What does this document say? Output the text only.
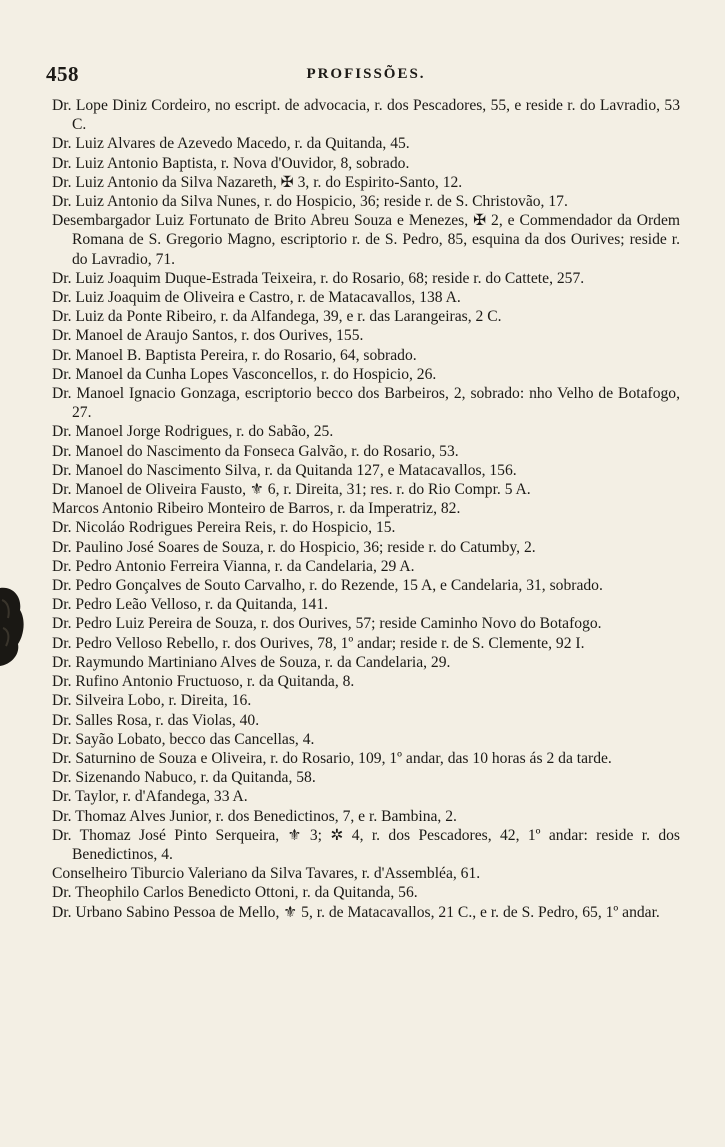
458	PROFISSÕES.
Dr. Lope Diniz Cordeiro, no escript. de advocacia, r. dos Pescadores, 55, e reside r. do Lavradio, 53 C.
Dr. Luiz Alvares de Azevedo Macedo, r. da Quitanda, 45.
Dr. Luiz Antonio Baptista, r. Nova d'Ouvidor, 8, sobrado.
Dr. Luiz Antonio da Silva Nazareth, ✠ 3, r. do Espirito-Santo, 12.
Dr. Luiz Antonio da Silva Nunes, r. do Hospicio, 36; reside r. de S. Christovão, 17.
Desembargador Luiz Fortunato de Brito Abreu Souza e Menezes, ✠ 2, e Commendador da Ordem Romana de S. Gregorio Magno, escriptorio r. de S. Pedro, 85, esquina da dos Ourives; reside r. do Lavradio, 71.
Dr. Luiz Joaquim Duque-Estrada Teixeira, r. do Rosario, 68; reside r. do Cattete, 257.
Dr. Luiz Joaquim de Oliveira e Castro, r. de Matacavallos, 138 A.
Dr. Luiz da Ponte Ribeiro, r. da Alfandega, 39, e r. das Larangeiras, 2 C.
Dr. Manoel de Araujo Santos, r. dos Ourives, 155.
Dr. Manoel B. Baptista Pereira, r. do Rosario, 64, sobrado.
Dr. Manoel da Cunha Lopes Vasconcellos, r. do Hospicio, 26.
Dr. Manoel Ignacio Gonzaga, escriptorio becco dos Barbeiros, 2, sobrado: nho Velho de Botafogo, 27.
Dr. Manoel Jorge Rodrigues, r. do Sabão, 25.
Dr. Manoel do Nascimento da Fonseca Galvão, r. do Rosario, 53.
Dr. Manoel do Nascimento Silva, r. da Quitanda 127, e Matacavallos, 156.
Dr. Manoel de Oliveira Fausto, ⚜ 6, r. Direita, 31; res. r. do Rio Compr. 5 A.
Marcos Antonio Ribeiro Monteiro de Barros, r. da Imperatriz, 82.
Dr. Nicoláo Rodrigues Pereira Reis, r. do Hospicio, 15.
Dr. Paulino José Soares de Souza, r. do Hospicio, 36; reside r. do Catumby, 2.
Dr. Pedro Antonio Ferreira Vianna, r. da Candelaria, 29 A.
Dr. Pedro Gonçalves de Souto Carvalho, r. do Rezende, 15 A, e Candelaria, 31, sobrado.
Dr. Pedro Leão Velloso, r. da Quitanda, 141.
Dr. Pedro Luiz Pereira de Souza, r. dos Ourives, 57; reside Caminho Novo do Botafogo.
Dr. Pedro Velloso Rebello, r. dos Ourives, 78, 1º andar; reside r. de S. Clemente, 92 I.
Dr. Raymundo Martiniano Alves de Souza, r. da Candelaria, 29.
Dr. Rufino Antonio Fructuoso, r. da Quitanda, 8.
Dr. Silveira Lobo, r. Direita, 16.
Dr. Salles Rosa, r. das Violas, 40.
Dr. Sayão Lobato, becco das Cancellas, 4.
Dr. Saturnino de Souza e Oliveira, r. do Rosario, 109, 1º andar, das 10 horas ás 2 da tarde.
Dr. Sizenando Nabuco, r. da Quitanda, 58.
Dr. Taylor, r. d'Afandega, 33 A.
Dr. Thomaz Alves Junior, r. dos Benedictinos, 7, e r. Bambina, 2.
Dr. Thomaz José Pinto Serqueira, ⚜ 3; ✲ 4, r. dos Pescadores, 42, 1º andar: reside r. dos Benedictinos, 4.
Conselheiro Tiburcio Valeriano da Silva Tavares, r. d'Assembléa, 61.
Dr. Theophilo Carlos Benedicto Ottoni, r. da Quitanda, 56.
Dr. Urbano Sabino Pessoa de Mello, ⚜ 5, r. de Matacavallos, 21 C., e r. de S. Pedro, 65, 1º andar.
